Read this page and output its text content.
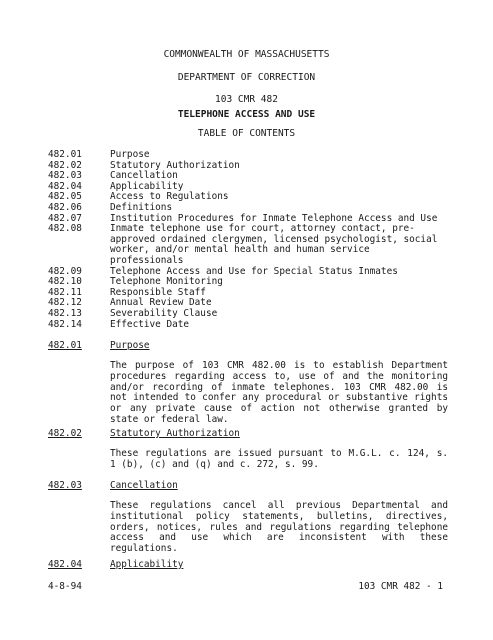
COMMONWEALTH OF MASSACHUSETTS
DEPARTMENT OF CORRECTION
103 CMR 482
TELEPHONE ACCESS AND USE
TABLE OF CONTENTS
482.01	Purpose
482.02	Statutory Authorization
482.03	Cancellation
482.04	Applicability
482.05	Access to Regulations
482.06	Definitions
482.07	Institution Procedures for Inmate Telephone Access and Use
482.08	Inmate telephone use for court, attorney contact, pre-approved ordained clergymen, licensed psychologist, social worker, and/or mental health and human service professionals
482.09	Telephone Access and Use for Special Status Inmates
482.10	Telephone Monitoring
482.11	Responsible Staff
482.12	Annual Review Date
482.13	Severability Clause
482.14	Effective Date
482.01	Purpose
The purpose of 103 CMR 482.00 is to establish Department procedures regarding access to, use of and the monitoring and/or recording of inmate telephones. 103 CMR 482.00 is not intended to confer any procedural or substantive rights or any private cause of action not otherwise granted by state or federal law.
482.02	Statutory Authorization
These regulations are issued pursuant to M.G.L. c. 124, s. 1 (b), (c) and (q) and c. 272, s. 99.
482.03	Cancellation
These regulations cancel all previous Departmental and institutional policy statements, bulletins, directives, orders, notices, rules and regulations regarding telephone access and use which are inconsistent with these regulations.
482.04	Applicability
4-8-94	103 CMR 482 - 1
